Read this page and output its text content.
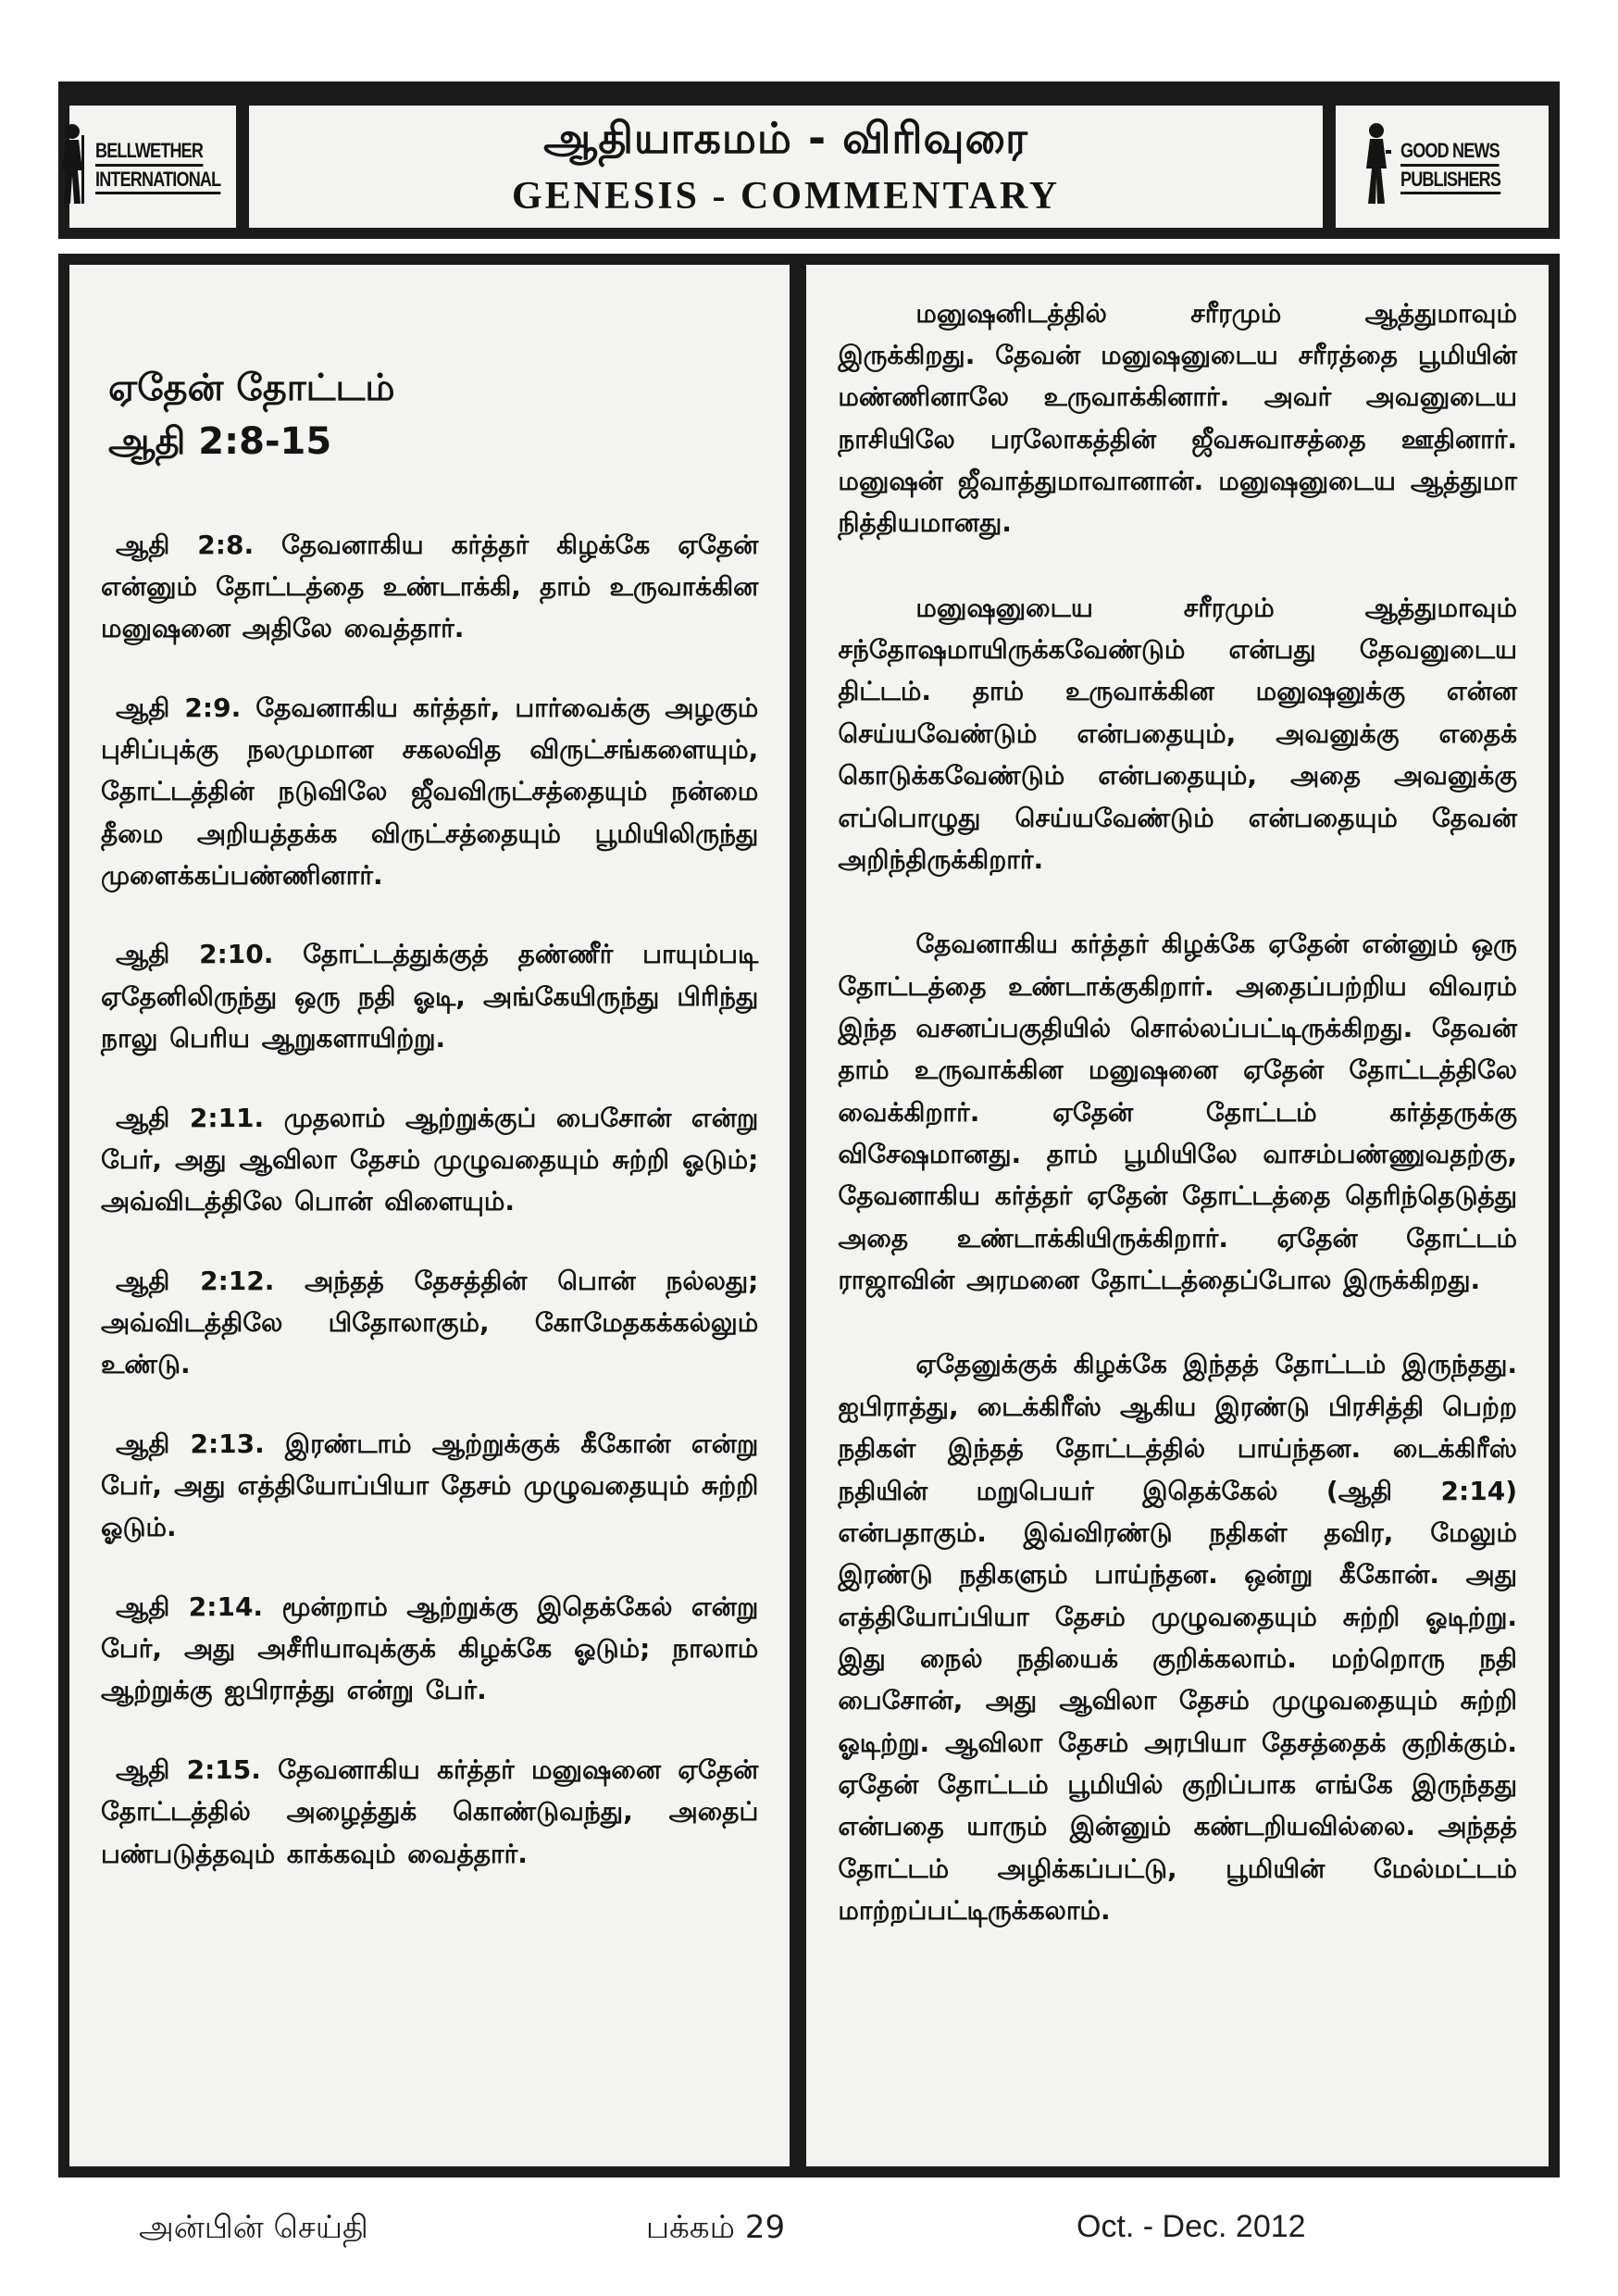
BELLWETHER
INTERNATIONAL
ஆதியாகமம் - விரிவுரை
GENESIS - COMMENTARY
GOOD NEWS
PUBLISHERS
ஏதேன் தோட்டம்
ஆதி 2:8-15

ஆதி 2:8. தேவனாகிய கர்த்தர் கிழக்கே ஏதேன் என்னும் தோட்டத்தை உண்டாக்கி, தாம் உருவாக்கின மனுஷனை அதிலே வைத்தார்.

ஆதி 2:9. தேவனாகிய கர்த்தர், பார்வைக்கு அழகும் புசிப்புக்கு நலமுமான சகலவித விருட்சங்களையும், தோட்டத்தின் நடுவிலே ஜீவவிருட்சத்தையும் நன்மை தீமை அறியத்தக்க விருட்சத்தையும் பூமியிலிருந்து முளைக்கப்பண்ணினார்.

ஆதி 2:10. தோட்டத்துக்குத் தண்ணீர் பாயும்படி ஏதேனிலிருந்து ஒரு நதி ஓடி, அங்கேயிருந்து பிரிந்து நாலு பெரிய ஆறுகளாயிற்று.

ஆதி 2:11. முதலாம் ஆற்றுக்குப் பைசோன் என்று பேர், அது ஆவிலா தேசம் முழுவதையும் சுற்றி ஓடும்; அவ்விடத்திலே பொன் விளையும்.

ஆதி 2:12. அந்தத் தேசத்தின் பொன் நல்லது; அவ்விடத்திலே பிதோலாகும், கோமேதகக்கல்லும் உண்டு.

ஆதி 2:13. இரண்டாம் ஆற்றுக்குக் கீகோன் என்று பேர், அது எத்தியோப்பியா தேசம் முழுவதையும் சுற்றி ஓடும்.

ஆதி 2:14. மூன்றாம் ஆற்றுக்கு இதெக்கேல் என்று பேர், அது அசீரியாவுக்குக் கிழக்கே ஓடும்; நாலாம் ஆற்றுக்கு ஐபிராத்து என்று பேர்.

ஆதி 2:15. தேவனாகிய கர்த்தர் மனுஷனை ஏதேன் தோட்டத்தில் அழைத்துக் கொண்டுவந்து, அதைப் பண்படுத்தவும் காக்கவும் வைத்தார்.

மனுஷனிடத்தில் சரீரமும் ஆத்துமாவும் இருக்கிறது. தேவன் மனுஷனுடைய சரீரத்தை பூமியின் மண்ணினாலே உருவாக்கினார். அவர் அவனுடைய நாசியிலே பரலோகத்தின் ஜீவசுவாசத்தை ஊதினார். மனுஷன் ஜீவாத்துமாவானான். மனுஷனுடைய ஆத்துமா நித்தியமானது.

மனுஷனுடைய சரீரமும் ஆத்துமாவும் சந்தோஷமாயிருக்கவேண்டும் என்பது தேவனுடைய திட்டம். தாம் உருவாக்கின மனுஷனுக்கு என்ன செய்யவேண்டும் என்பதையும், அவனுக்கு எதைக் கொடுக்கவேண்டும் என்பதையும், அதை அவனுக்கு எப்பொழுது செய்யவேண்டும் என்பதையும் தேவன் அறிந்திருக்கிறார்.

தேவனாகிய கர்த்தர் கிழக்கே ஏதேன் என்னும் ஒரு தோட்டத்தை உண்டாக்குகிறார். அதைப்பற்றிய விவரம் இந்த வசனப்பகுதியில் சொல்லப்பட்டிருக்கிறது. தேவன் தாம் உருவாக்கின மனுஷனை ஏதேன் தோட்டத்திலே வைக்கிறார். ஏதேன் தோட்டம் கர்த்தருக்கு விசேஷமானது. தாம் பூமியிலே வாசம்பண்ணுவதற்கு, தேவனாகிய கர்த்தர் ஏதேன் தோட்டத்தை தெரிந்தெடுத்து அதை உண்டாக்கியிருக்கிறார். ஏதேன் தோட்டம் ராஜாவின் அரமனை தோட்டத்தைப்போல இருக்கிறது.

ஏதேனுக்குக் கிழக்கே இந்தத் தோட்டம் இருந்தது. ஐபிராத்து, டைக்கிரீஸ் ஆகிய இரண்டு பிரசித்தி பெற்ற நதிகள் இந்தத் தோட்டத்தில் பாய்ந்தன. டைக்கிரீஸ் நதியின் மறுபெயர் இதெக்கேல் (ஆதி 2:14) என்பதாகும். இவ்விரண்டு நதிகள் தவிர, மேலும் இரண்டு நதிகளும் பாய்ந்தன. ஒன்று கீகோன். அது எத்தியோப்பியா தேசம் முழுவதையும் சுற்றி ஓடிற்று. இது நைல் நதியைக் குறிக்கலாம். மற்றொரு நதி பைசோன், அது ஆவிலா தேசம் முழுவதையும் சுற்றி ஓடிற்று. ஆவிலா தேசம் அரபியா தேசத்தைக் குறிக்கும். ஏதேன் தோட்டம் பூமியில் குறிப்பாக எங்கே இருந்தது என்பதை யாரும் இன்னும் கண்டறியவில்லை. அந்தத் தோட்டம் அழிக்கப்பட்டு, பூமியின் மேல்மட்டம் மாற்றப்பட்டிருக்கலாம்.

அன்பின் செய்தி	பக்கம் 29	Oct. - Dec. 2012
